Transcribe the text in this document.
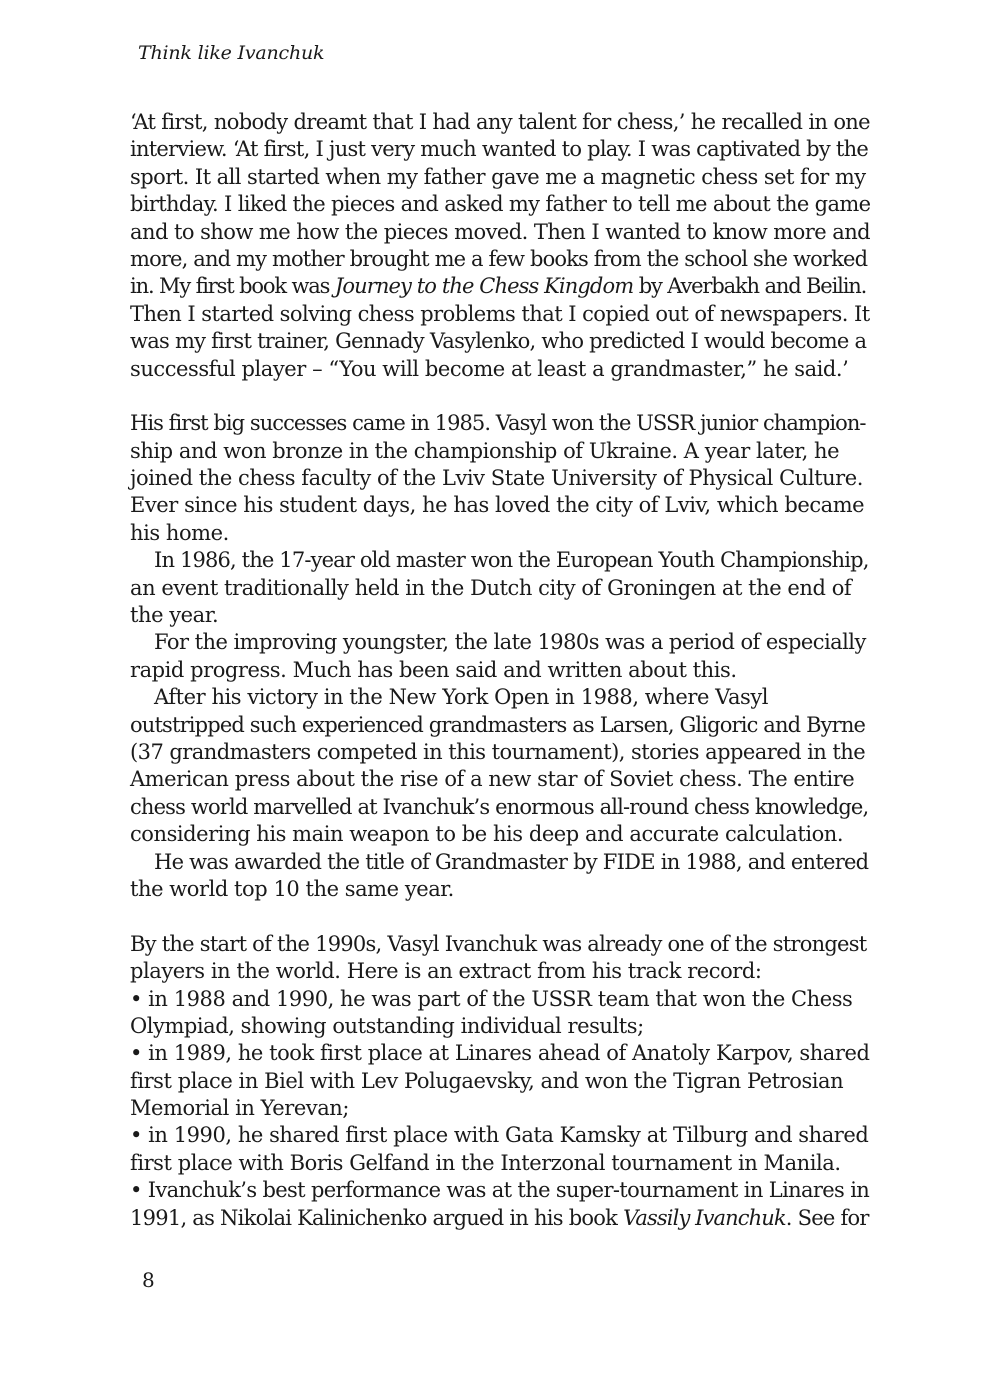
Think like Ivanchuk
‘At first, nobody dreamt that I had any talent for chess,’ he recalled in one
interview. ‘At first, I just very much wanted to play. I was captivated by the
sport. It all started when my father gave me a magnetic chess set for my
birthday. I liked the pieces and asked my father to tell me about the game
and to show me how the pieces moved. Then I wanted to know more and
more, and my mother brought me a few books from the school she worked
in. My first book was Journey to the Chess Kingdom by Averbakh and Beilin.
Then I started solving chess problems that I copied out of newspapers. It
was my first trainer, Gennady Vasylenko, who predicted I would become a
successful player – “You will become at least a grandmaster,” he said.’
His first big successes came in 1985. Vasyl won the USSR junior champion-
ship and won bronze in the championship of Ukraine. A year later, he
joined the chess faculty of the Lviv State University of Physical Culture.
Ever since his student days, he has loved the city of Lviv, which became
his home.
In 1986, the 17-year old master won the European Youth Championship,
an event traditionally held in the Dutch city of Groningen at the end of
the year.
For the improving youngster, the late 1980s was a period of especially
rapid progress. Much has been said and written about this.
After his victory in the New York Open in 1988, where Vasyl
outstripped such experienced grandmasters as Larsen, Gligoric and Byrne
(37 grandmasters competed in this tournament), stories appeared in the
American press about the rise of a new star of Soviet chess. The entire
chess world marvelled at Ivanchuk’s enormous all-round chess knowledge,
considering his main weapon to be his deep and accurate calculation.
He was awarded the title of Grandmaster by FIDE in 1988, and entered
the world top 10 the same year.
By the start of the 1990s, Vasyl Ivanchuk was already one of the strongest
players in the world. Here is an extract from his track record:
• in 1988 and 1990, he was part of the USSR team that won the Chess
Olympiad, showing outstanding individual results;
• in 1989, he took first place at Linares ahead of Anatoly Karpov, shared
first place in Biel with Lev Polugaevsky, and won the Tigran Petrosian
Memorial in Yerevan;
• in 1990, he shared first place with Gata Kamsky at Tilburg and shared
first place with Boris Gelfand in the Interzonal tournament in Manila.
• Ivanchuk’s best performance was at the super-tournament in Linares in
1991, as Nikolai Kalinichenko argued in his book Vassily Ivanchuk. See for
8
